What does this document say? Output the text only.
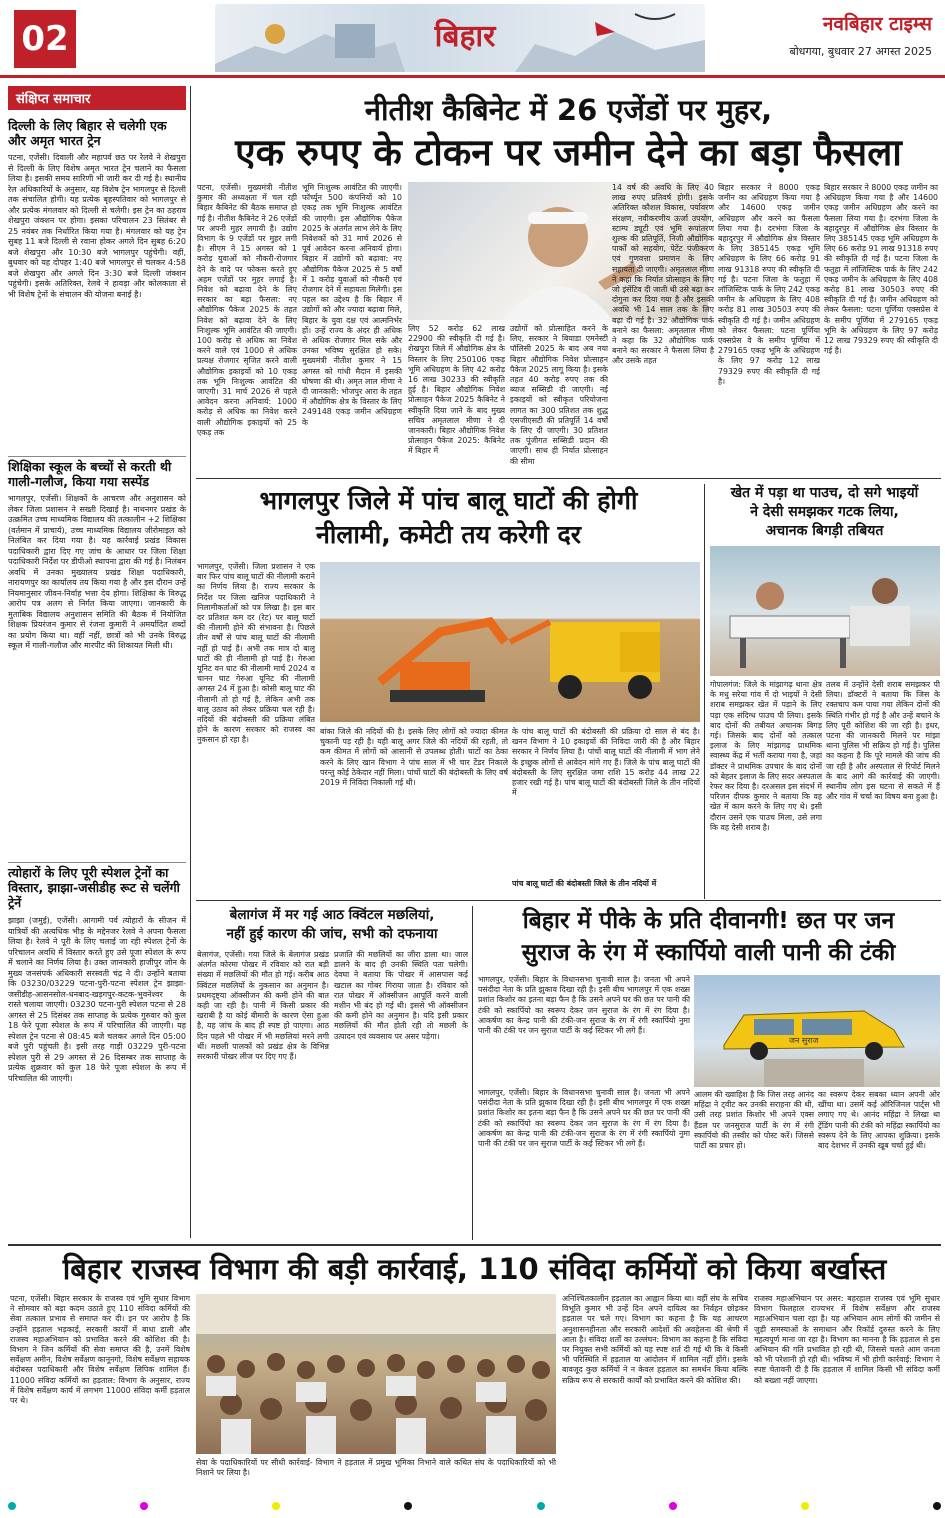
02	बिहार	नवबिहार टाइम्स
बोधगया, बुधवार 27 अगस्त 2025
संक्षिप्त समाचार
दिल्ली के लिए बिहार से चलेगी एक और अमृत भारत ट्रेन
पटना, एजेंसी। दिवाली और महापर्व छठ पर रेलवे ने शेखपुरा से दिल्ली के लिए विशेष अमृत भारत ट्रेन चलाने का फैसला लिया है। इसकी समय सारिणी भी जारी कर दी गई है। स्थानीय रेल अधिकारियों के अनुसार, यह विशेष ट्रेन भागलपुर से दिल्ली तक संचालित होगी। यह प्रत्येक बृहस्पतिवार को भागलपुर से और प्रत्येक मंगलवार को दिल्ली से चलेगी। इस ट्रेन का ठहराव शेखपुरा जंक्शन पर होगा। इसका परिचालन 23 सितंबर से 25 नवंबर तक निर्धारित किया गया है। मंगलवार को यह ट्रेन सुबह 11 बजे दिल्ली से रवाना होकर अगले दिन सुबह 6:20 बजे शेखपुरा और 10:30 बजे भागलपुर पहुंचेगी। वहीं, बुधवार को यह दोपहर 1:40 बजे भागलपुर से चलकर 4:58 बजे शेखपुरा और अगले दिन 3:30 बजे दिल्ली जंक्शन पहुंचेगी। इसके अतिरिक्त, रेलवे ने हावड़ा और कोलकाता से भी विशेष ट्रेनों के संचालन की योजना बनाई है।
शिक्षिका स्कूल के बच्चों से करती थी गाली-गलौज, किया गया सस्पेंड
भागलपुर, एजेंसी। शिक्षकों के आचरण और अनुशासन को लेकर जिला प्रशासन ने सख्ती दिखाई है। नाथनगर प्रखंड के उत्क्रमित उच्च माध्यमिक विद्यालय की तत्कालीन +2 शिक्षिका (वर्तमान में प्राचार्य), उच्च माध्यमिक विद्यालय जीरोमाइल को निलंबित कर दिया गया है। यह कार्रवाई प्रखंड विकास पदाधिकारी द्वारा दिए गए जांच के आधार पर जिला शिक्षा पदाधिकारी निर्देश पर डीपीओ स्थापना द्वारा की गई है। निलंबन अवधि में उनका मुख्यालय प्रखंड शिक्षा पदाधिकारी, नारायणपुर का कार्यालय तय किया गया है और इस दौरान उन्हें नियमानुसार जीवन-निर्वाह भत्ता देय होगा। शिक्षिका के विरुद्ध आरोप पत्र अलग से निर्गत किया जाएगा। जानकारी के मुताबिक विद्यालय अनुशासन समिति की बैठक में नियोजित शिक्षक प्रियरंजन कुमार से रंजना कुमारी ने अमर्यादित शब्दों का प्रयोग किया था। वहीं नहीं, छात्रों को भी उनके विरुद्ध स्कूल में गाली-गलौज और मारपीट की शिकायत मिली थी।
त्योहारों के लिए पूरी स्पेशल ट्रेनों का विस्तार, झाझा-जसीडीह रूट से चलेंगी ट्रेनें
झाझा (जमुई), एजेंसी। आगामी पर्व त्योहारों के सीजन में यात्रियों की अत्यधिक भीड़ के मद्देनजर रेलवे ने अपना फैसला लिया है। रेलवे ने पूरी के लिए चलाई जा रही स्पेशल ट्रेनों के परिचालन अवधि में विस्तार करते हुए उसे पूजा स्पेशल के रूप में चलाने का निर्णय लिया है। उक्त जानकारी हाजीपुर जोन के मुख्य जनसंपर्क अधिकारी सरस्वती चंद्र ने दी। उन्होंने बताया कि 03230/03229 पटना-पुरी-पटना स्पेशल ट्रेन झाझा-जसीडीह-आसनसोल-धनबाद-खड़गपुर-कटक-भुवनेश्वर के रास्ते चलाया जाएगी। 03230 पटना-पुरी स्पेशल पटना से 28 अगस्त से 25 दिसंबर तक साप्ताह के प्रत्येक गुरुवार को कुल 18 फेरे पूजा स्पेशल के रूप में परिचालित की जाएगी। यह स्पेशल ट्रेन पटना से 08:45 बजे चलकर अगले दिन 05:00 बजे पुरी पहुंचती है। इसी तरह गाड़ी 03229 पुरी-पटना स्पेशल पुरी से 29 अगस्त से 26 दिसम्बर तक साप्ताह के प्रत्येक शुक्रवार को कुल 18 फेरे पूजा स्पेशल के रूप में परिचालित की जाएगी।
नीतीश कैबिनेट में 26 एजेंडों पर मुहर,
एक रुपए के टोकन पर जमीन देने का बड़ा फैसला
पटना, एजेंसी। मुख्यमंत्री नीतीश कुमार की अध्यक्षता में चल रही बिहार कैबिनेट की बैठक समाप्त हो गई है। नीतीश कैबिनेट ने 26 एजेंडों पर अपनी मुहर लगायी है। उद्योग विभाग के 9 एजेंडों पर मुहर लगी है। सीएम ने 15 अगस्त को 1 करोड़ युवाओं को नौकरी-रोजगार देने के वादे पर फोकस करते हुए अहम एजेंडों पर मुहर लगाई है। निवेश को बढ़ावा देने के लिए सरकार का बड़ा फैसला: नए औद्योगिक पैकेज 2025 के तहत निवेश को बढ़ावा देने के लिए निःशुल्क भूमि आवंटित की जाएगी। 100 करोड़ से अधिक का निवेश करने वाले एवं 1000 से अधिक प्रत्यक्ष रोजगार सृजित करने वाली औद्योगिक इकाइयों को 10 एकड़ तक भूमि निःशुल्क आवंटित की जाएगी। 31 मार्च 2026 से पहले आवेदन करना अनिवार्य: 1000 करोड़ से अधिक का निवेश करने वाली औद्योगिक इकाइयों को 25 एकड़ तक
भूमि निःशुल्क आवंटित की जाएगी। फॉर्च्यून 500 कंपनियों को 10 एकड़ तक भूमि निःशुल्क आवंटित की जाएगी। इस औद्योगिक पैकेज 2025 के अंतर्गत लाभ लेने के लिए निवेशकों को 31 मार्च 2026 से पूर्व आवेदन करना अनिवार्य होगा। बिहार में उद्योगों को बढ़ावा: नए औद्योगिक पैकेज 2025 से 5 वर्षों में 1 करोड़ युवाओं को नौकरी एवं रोजगार देने में सहायता मिलेगी। इस पहल का उद्देश्य है कि बिहार में उद्योगों को और ज्यादा बढ़ावा मिले, बिहार के युवा दक्ष एवं आत्मनिर्भर हों। उन्हें राज्य के अंदर ही अधिक से अधिक रोजगार मिल सके और उनका भविष्य सुरक्षित हो सके। मुख्यमंत्री नीतीश कुमार ने 15 अगस्त को गांधी मैदान में इसकी घोषणा की थी। अमृत लाल मीणा ने दी जानकारी: भोजपुर आरा के तहत में औद्योगिक क्षेत्र के विस्तार के लिए 249148 एकड़ जमीन अधिग्रहण के
लिए 52 करोड़ 62 लाख 22900 की स्वीकृति दी गई है। शेखपुरा जिले में औद्योगिक क्षेत्र के विस्तार के लिए 250106 एकड़ भूमि अधिग्रहण के लिए 42 करोड़ 16 लाख 30233 की स्वीकृति हुई है। बिहार औद्योगिक निवेश प्रोत्साहन पैकेज 2025 कैबिनेट ने स्वीकृति दिया जाने के बाद मुख्य सचिव अमृतलाल मीणा ने दी जानकारी। बिहार औद्योगिक निवेश प्रोत्साहन पैकेज 2025: कैबिनेट में बिहार में
उद्योगों को प्रोत्साहित करने के लिए, सरकार ने बियाडा एमनेस्टी पॉलिसी 2025 के बाद अब नया बिहार औद्योगिक निवेश प्रोत्साहन पैकेज 2025 लागू किया है। इसके तहत 40 करोड़ रुपए तक की ब्याज सब्सिडी दी जाएगी। नई इकाइयों को स्वीकृत परियोजना लागत का 300 प्रतिशत तक शुद्ध एसजीएसटी की प्रतिपूर्ति 14 वर्षों के लिए दी जाएगी। 30 प्रतिशत तक पूंजीगत सब्सिडी प्रदान की जाएगी। साथ ही निर्यात प्रोत्साहन की सीमा
14 वर्ष की अवधि के लिए 40 लाख रुपए प्रतिवर्ष होगी। इसके अतिरिक्त कौशल विकास, पर्यावरण संरक्षण, नवीकरणीय ऊर्जा उपयोग, स्टाम्प ड्यूटी एवं भूमि रूपांतरण शुल्क की प्रतिपूर्ति, निजी औद्योगिक पार्कों को सहयोग, पेटेंट पंजीकरण एवं गुणवत्ता प्रमाणन के लिए सहायता दी जाएगी। अमृतलाल मीणा ने कहा कि निर्यात प्रोत्साहन के लिए जो इंसेंटिव दी जाती थी उसे बढ़ा कर दोगुना कर दिया गया है और इसकी अवधि भी 14 साल तक के लिए बढ़ा दी गई है। 32 औद्योगिक पार्क बनाने का फैसला: अमृतलाल मीणा ने कहा कि 32 औद्योगिक पार्क बनाने का सरकार ने फैसला लिया है और उसके तहत
बिहार सरकार ने 8000 एकड़ जमीन का अधिग्रहण किया गया है और 14600 एकड़ जमीन अधिग्रहण और करने का फैसला लिया गया है। दरभंगा जिला के बहादुरपुर में औद्योगिक क्षेत्र विस्तार के लिए 385145 एकड़ भूमि अधिग्रहण के लिए 66 करोड़ 91 लाख 91318 रुपए की स्वीकृति दी गई है। पटना जिला के फतुहा में लॉजिस्टिक पार्क के लिए 242 एकड़ जमीन के अधिग्रहण के लिए 408 करोड़ 81 लाख 30503 रुपए की स्वीकृति दी गई है। जमीन अधिग्रहण को लेकर फैसला: पटना पूर्णिया एक्सप्रेस वे के समीप पूर्णिया में 279165 एकड़ भूमि के अधिग्रहण के लिए 97 करोड़ 12 लाख 79329 रुपए की स्वीकृति दी गई है।
बिहार सरकार ने 8000 एकड़ जमीन का अधिग्रहण किया गया है और 14600 एकड़ जमीन अधिग्रहण और करने का फैसला लिया गया है। दरभंगा जिला के बहादुरपुर में औद्योगिक क्षेत्र विस्तार के लिए 385145 एकड़ भूमि अधिग्रहण के लिए 66 करोड़ 91 लाख 91318 रुपए की स्वीकृति दी गई है। पटना जिला के फतुहा में लॉजिस्टिक पार्क के लिए 242 एकड़ जमीन के अधिग्रहण के लिए 408 करोड़ 81 लाख 30503 रुपए की स्वीकृति दी गई है। जमीन अधिग्रहण को लेकर फैसला: पटना पूर्णिया एक्सप्रेस वे के समीप पूर्णिया में 279165 एकड़ भूमि के अधिग्रहण के लिए 97 करोड़ 12 लाख 79329 रुपए की स्वीकृति दी गई है।
भागलपुर जिले में पांच बालू घाटों की होगी
नीलामी, कमेटी तय करेगी दर
भागलपुर, एजेंसी। जिला प्रशासन ने एक बार फिर पांच बालू घाटों की नीलामी कराने का निर्णय लिया है। राज्य सरकार के निर्देश पर जिला खनिज पदाधिकारी ने निलामीकर्ताओं को पत्र लिखा है। इस बार दर प्रतिशत कम दर (रेट) पर बालू घाटों की नीलामी होने की संभावना है। पिछले तीन वर्षों से पांच बालू घाटों की नीलामी नहीं हो पाई है। अभी तक मात्र दो बालू घाटों की ही नीलामी हो पाई है। गेरुआ यूनिट वन घाट की नीलामी मार्च 2024 व चानन घाट गेरुआ यूनिट की नीलामी अगस्त 24 में हुआ है। कोसी बालू घाट की नीलामी तो हो गई है, लेकिन अभी तक बालू उठाव को लेकर प्रक्रिया चल रही है। नदियों की बंदोबस्ती की प्रक्रिया लंबित होने के कारण सरकार को राजस्व का नुकसान हो रहा है।
बांका जिले की नदियों की है। इसके लिए लोगों को ज्यादा कीमत चुकानी पड़ रही है। यही बालू अगर जिले की नदियों की रहती, तो कम कीमत में लोगों को आसानी से उपलब्ध होती। घाटों का ठेका करने के लिए खान विभाग ने पांच साल में भी चार टेंडर निकाले परन्तु कोई ठेकेदार नहीं मिला। पांचों घाटों की बंदोबस्ती के लिए वर्ष 2019 में निविदा निकाली गई थी।
के पांच बालू घाटों की बंदोबस्ती की प्रक्रिया दो साल से बंद है। खनन विभाग ने 10 इकाइयों की निविदा जारी की है और बिहार सरकार ने निर्णय लिया है। पांचों बालू घाटों की नीलामी में भाग लेने के इच्छुक लोगों से आवेदन मांगे गए हैं। जिले के पांच बालू घाटों की बंदोबस्ती के लिए सुरक्षित जमा राशि 15 करोड़ 44 लाख 22 हजार रखी गई है। पांच बालू घाटों की बंदोबस्ती जिले के तीन नदियों में
पांच बालू घाटों की बंदोबस्ती जिले के तीन नदियों में
खेत में पड़ा था पाउच, दो सगे भाइयों
ने देसी समझकर गटक लिया,
अचानक बिगड़ी तबियत
गोपालगंज: जिले के मांझागढ़ थाना क्षेत्र के मधु सरेया गांव में दो भाइयों ने देसी शराब समझकर खेत में पड़ाने के लिए पड़ा एक संदिग्ध पाउच पी लिया। इसके बाद दोनों की तबीयत अचानक बिगड़ गई। जिसके बाद दोनों को तत्काल इलाज के लिए मांझागढ़ प्राथमिक स्वास्थ्य केंद्र में भर्ती कराया गया है, जहां डॉक्टर ने प्राथमिक उपचार के बाद दोनों को बेहतर इलाज के लिए सदर अस्पताल रेफर कर दिया है। दरअसल इस संदर्भ में परिजन दीपक कुमार ने बताया कि वह खेत में काम करने के लिए गए थे। इसी दौरान उसने एक पाउच मिला, उसे लगा कि वह देसी शराब है।
तलब में उन्होंने देसी शराब समझकर पी लिया। डॉक्टरों ने बताया कि जिस के रक्तचाप कम पाया गया लेकिन दोनों की स्थिति गंभीर हो गई है और उन्हें बचाने के लिए पूरी कोशिश की जा रही है। इधर, पटना की जानकारी मिलने पर मांझा थाना पुलिस भी सक्रिय हो गई है। पुलिस का कहना है कि पूरे मामले की जांच की जा रही है और अस्पताल से रिपोर्ट मिलने के बाद आगे की कार्रवाई की जाएगी। स्थानीय लोग इस घटना से सकते में हैं और गांव में चर्चा का विषय बना हुआ है।
बेलागंज में मर गई आठ क्विंटल मछलियां,
नहीं हुई कारण की जांच, सभी को दफनाया
बेलागंज, एजेंसी। गया जिले के बेलागंज प्रखंड अंतर्गत कोरमा पोखर में रविवार को रात बड़ी संख्या में मछलियों की मौत हो गई। करीब आठ क्विंटल मछलियों के नुकसान का अनुमान है। प्रथमदृष्ट्या ऑक्सीजन की कमी होने की बात कही जा रही है। पानी में किसी प्रकार की खराबी है या कोई बीमारी के कारण ऐसा हुआ है, यह जांच के बाद ही स्पष्ट हो पाएगा। आठ दिन पहले भी पोखर में भी मछलियां मरने लगी थीं। मछली पालकों को प्रखंड क्षेत्र के विभिन्न सरकारी पोखर लीज पर दिए गए हैं।
प्रजाति की मछलियों का जीरा डाला था। जाल डालने के बाद ही उनकी स्थिति पता चलेगी। देवघा ने बताया कि पोखर में आसपास कई खटाल का गोबर गिराया जाता है। रविवार को रात पोखर में ऑक्सीजन आपूर्ति करने वाली मशीन भी बंद हो गई थी। इससे भी ऑक्सीजन की कमी होने का अनुमान है। यदि इसी प्रकार मछलियों की मौत होती रही तो मछली के उत्पादन एवं व्यवसाय पर असर पड़ेगा।
बिहार में पीके के प्रति दीवानगी! छत पर जन
सुराज के रंग में स्कार्पियो वाली पानी की टंकी
भागलपुर, एजेंसी। बिहार के विधानसभा चुनावी साल है। जनता भी अपने पसंदीदा नेता के प्रति झुकाव दिखा रही है। इसी बीच भागलपुर में एक शख्स प्रशांत किशोर का इतना बड़ा फैन है कि उसने अपने घर की छत पर पानी की टंकी को स्कार्पियो का स्वरूप देकर जन सुराज के रंग में रंग दिया है। आकर्षण का केन्द्र पानी की टंकी-जन सुराज के रंग में रंगी स्कार्पियो नुमा पानी की टंकी पर जन सुराज पार्टी के कई स्टिकर भी लगे हैं।
जन सुराज
आलम की ख्वाहिश है कि जिस तरह आनंद महिंद्रा ने ट्वीट कर उनकी सराहना की थी, उसी तरह प्रशांत किशोर भी अपने एक्स हैंडल पर जनसुराज पार्टी के रंग में रंगी स्कार्पियो की तस्वीर को पोस्ट करें। जिससे पार्टी का प्रचार हो।
का स्वरूप देकर सबका ध्यान अपनी ओर खींचा था। उसमें कई ऑरिजिनल पार्ट्स भी लगाए गए थे। आनंद महिंद्रा ने लिखा था ट्रेंडिंग पानी की टंकी को महिंद्रा स्कार्पियो का स्वरूप देने के लिए आपका शुक्रिया। इसके बाद देशभर में उनकी खूब चर्चा हुई थी।
भागलपुर, एजेंसी। बिहार के विधानसभा चुनावी साल है। जनता भी अपने पसंदीदा नेता के प्रति झुकाव दिखा रही है। इसी बीच भागलपुर में एक शख्स प्रशांत किशोर का इतना बड़ा फैन है कि उसने अपने घर की छत पर पानी की टंकी को स्कार्पियो का स्वरूप देकर जन सुराज के रंग में रंग दिया है। आकर्षण का केन्द्र पानी की टंकी-जन सुराज के रंग में रंगी स्कार्पियो नुमा पानी की टंकी पर जन सुराज पार्टी के कई स्टिकर भी लगे हैं।
बिहार राजस्व विभाग की बड़ी कार्रवाई, 110 संविदा कर्मियों को किया बर्खास्त
पटना, एजेंसी। बिहार सरकार के राजस्व एवं भूमि सुधार विभाग ने सोमवार को बड़ा कदम उठाते हुए 110 संविदा कर्मियों की सेवा तत्काल प्रभाव से समाप्त कर दी। इन पर आरोप है कि उन्होंने हड़ताल भड़काई, सरकारी कार्यों में बाधा डाली और राजस्व महाअभियान को प्रभावित करने की कोशिश की है। विभाग ने जिन कर्मियों की सेवा समाप्त की है, उनमें विशेष सर्वेक्षण अमीन, विशेष सर्वेक्षण कानूनगो, विशेष सर्वेक्षण सहायक बंदोबस्त पदाधिकारी और विशेष सर्वेक्षण लिपिक शामिल हैं। 11000 संविदा कर्मियों का हड़ताल: विभाग के अनुसार, राज्य में विशेष सर्वेक्षण कार्य में लगभग 11000 संविदा कर्मी हड़ताल पर थे।
सेवा के पदाधिकारियों पर सीधी कार्रवाई- विभाग ने हड़ताल में प्रमुख भूमिका निभाने वाले कथित संघ के पदाधिकारियों को भी निशाने पर लिया है।
अनिश्चितकालीन हड़ताल का आह्वान किया था। वहीं संघ के सचिव विभूति कुमार भी उन्हें दिन अपने दायित्व का निर्वहन छोड़कर हड़ताल पर चले गए। विभाग का कहना है कि यह आचरण अनुशासनहीनता और सरकारी आदेशों की अवहेलना की श्रेणी में आता है। संविदा शर्तों का उल्लंघन: विभाग का कहना है कि संविदा पर नियुक्त सभी कर्मियों को यह स्पष्ट शर्त दी गई थी कि वे किसी भी परिस्थिति में हड़ताल या आंदोलन में शामिल नहीं होंगे। इसके बावजूद कुछ कर्मियों ने न केवल हड़ताल का समर्थन किया बल्कि सक्रिय रूप से सरकारी कार्यों को प्रभावित करने की कोशिश की।
राजस्व महाअभियान पर असर: बहरहाल राजस्व एवं भूमि सुधार विभाग फिलहाल राज्यभर में विशेष सर्वेक्षण और राजस्व महाअभियान चला रहा है। यह अभियान आम लोगों की जमीन से जुड़ी समस्याओं के समाधान और रिकॉर्ड दुरुस्त करने के लिए महत्वपूर्ण माना जा रहा है। विभाग का मानना है कि हड़ताल से इस अभियान की गति प्रभावित हो रही थी, जिससे चलते आम जनता को भी परेशानी हो रही थी। भविष्य में भी होगी कार्रवाई: विभाग ने स्पष्ट चेतावनी दी है कि हड़ताल में शामिल किसी भी संविदा कर्मी को बख्शा नहीं जाएगा।
